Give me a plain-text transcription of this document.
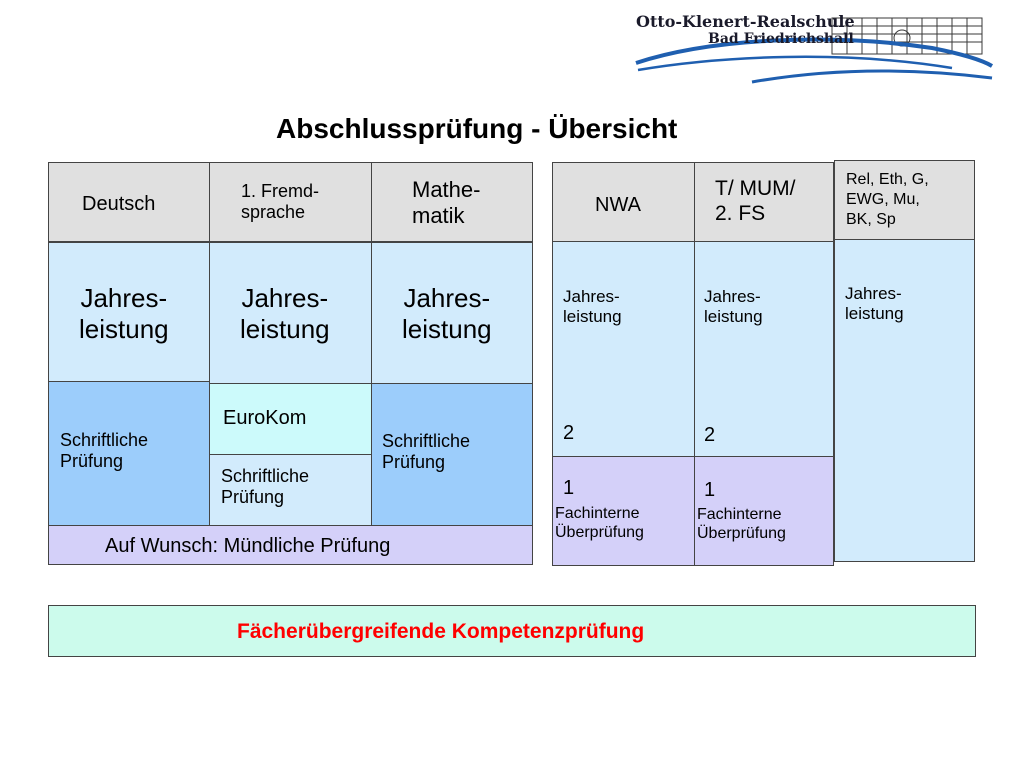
Otto-Klenert-Realschule
Bad Friedrichshall
Abschlussprüfung - Übersicht
Deutsch
1. Fremd-
sprache
Mathe-
matik
Jahres-
leistung
Jahres-
leistung
Jahres-
leistung
Schriftliche
Prüfung
EuroKom
Schriftliche
Prüfung
Schriftliche
Prüfung
Auf Wunsch: Mündliche Prüfung
NWA
Jahres-
leistung
2
1
Fachinterne
Überprüfung
T/ MUM/
2. FS
Jahres-
leistung
2
1
Fachinterne
Überprüfung
Rel, Eth, G,
EWG, Mu,
BK, Sp
Jahres-
leistung
Fächerübergreifende Kompetenzprüfung
